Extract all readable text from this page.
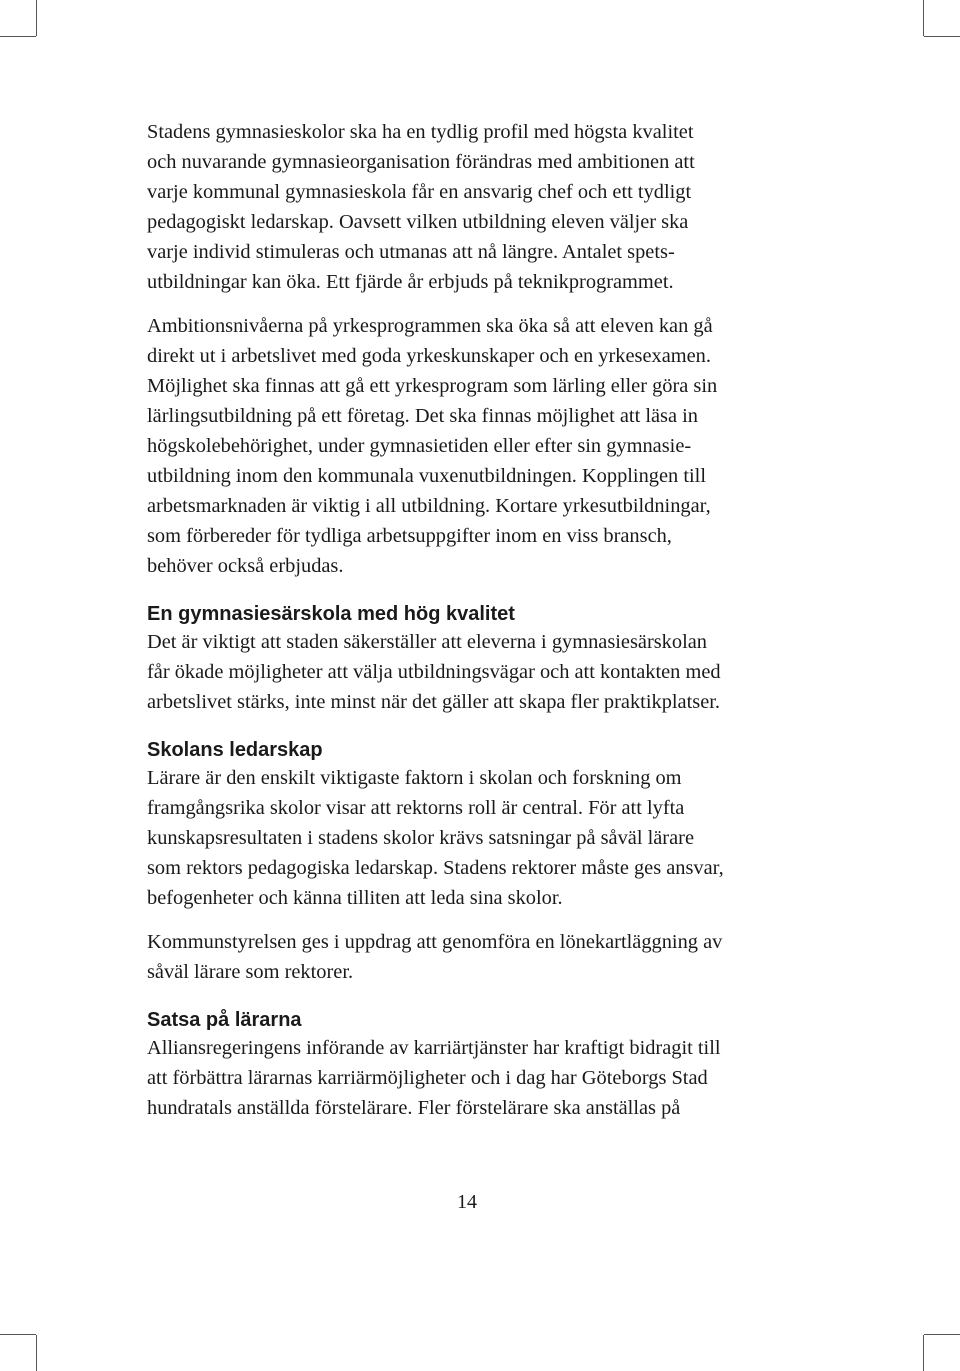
Stadens gymnasieskolor ska ha en tydlig profil med högsta kvalitet
och nuvarande gymnasieorganisation förändras med ambitionen att
varje kommunal gymnasieskola får en ansvarig chef och ett tydligt
pedagogiskt ledarskap. Oavsett vilken utbildning eleven väljer ska
varje individ stimuleras och utmanas att nå längre. Antalet spets-
utbildningar kan öka. Ett fjärde år erbjuds på teknikprogrammet.

Ambitionsnivåerna på yrkesprogrammen ska öka så att eleven kan gå
direkt ut i arbetslivet med goda yrkeskunskaper och en yrkesexamen.
Möjlighet ska finnas att gå ett yrkesprogram som lärling eller göra sin
lärlingsutbildning på ett företag. Det ska finnas möjlighet att läsa in
högskolebehörighet, under gymnasietiden eller efter sin gymnasie-
utbildning inom den kommunala vuxenutbildningen. Kopplingen till
arbetsmarknaden är viktig i all utbildning. Kortare yrkesutbildningar,
som förbereder för tydliga arbetsuppgifter inom en viss bransch,
behöver också erbjudas.

En gymnasiesärskola med hög kvalitet

Det är viktigt att staden säkerställer att eleverna i gymnasiesärskolan
får ökade möjligheter att välja utbildningsvägar och att kontakten med
arbetslivet stärks, inte minst när det gäller att skapa fler praktikplatser.

Skolans ledarskap

Lärare är den enskilt viktigaste faktorn i skolan och forskning om
framgångsrika skolor visar att rektorns roll är central. För att lyfta
kunskapsresultaten i stadens skolor krävs satsningar på såväl lärare
som rektors pedagogiska ledarskap. Stadens rektorer måste ges ansvar,
befogenheter och känna tilliten att leda sina skolor.

Kommunstyrelsen ges i uppdrag att genomföra en lönekartläggning av
såväl lärare som rektorer.

Satsa på lärarna

Alliansregeringens införande av karriärtjänster har kraftigt bidragit till
att förbättra lärarnas karriärmöjligheter och i dag har Göteborgs Stad
hundratals anställda förstelärare. Fler förstelärare ska anställas på

14
